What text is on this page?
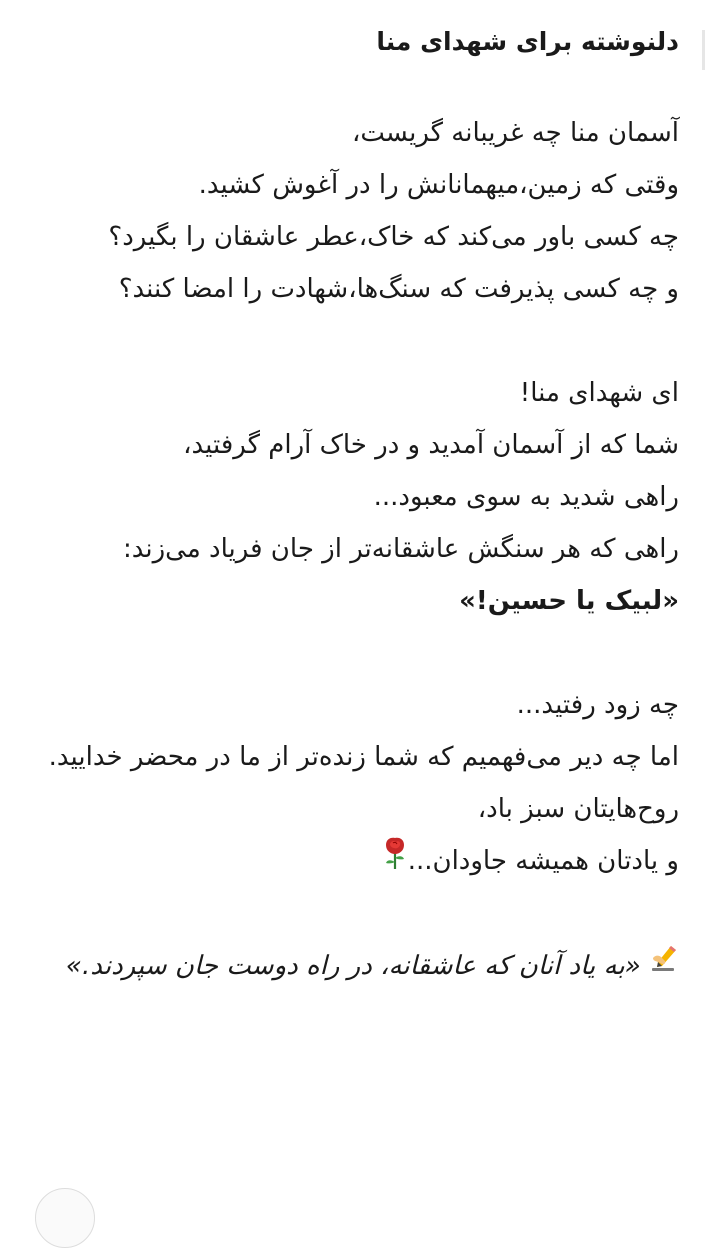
دلنوشته برای شهدای منا
آسمان منا چه غریبانه گریست،
وقتی که زمین،میهمانانش را در آغوش کشید.
چه کسی باور می‌کند که خاک،عطر عاشقان را بگیرد؟
و چه کسی پذیرفت که سنگ‌ها،شهادت را امضا کنند؟
ای شهدای منا!
شما که از آسمان آمدید و در خاک آرام گرفتید،
راهی شدید به سوی معبود...
راهی که هر سنگش عاشقانه‌تر از جان فریاد می‌زند:
«لبیک یا حسین!»
چه زود رفتید...
اما چه دیر می‌فهمیم که شما زنده‌تر از ما در محضر خدایید.
روح‌هایتان سبز باد،
و یادتان همیشه جاودان...
«به یاد آنان که عاشقانه، در راه دوست جان سپردند.»
